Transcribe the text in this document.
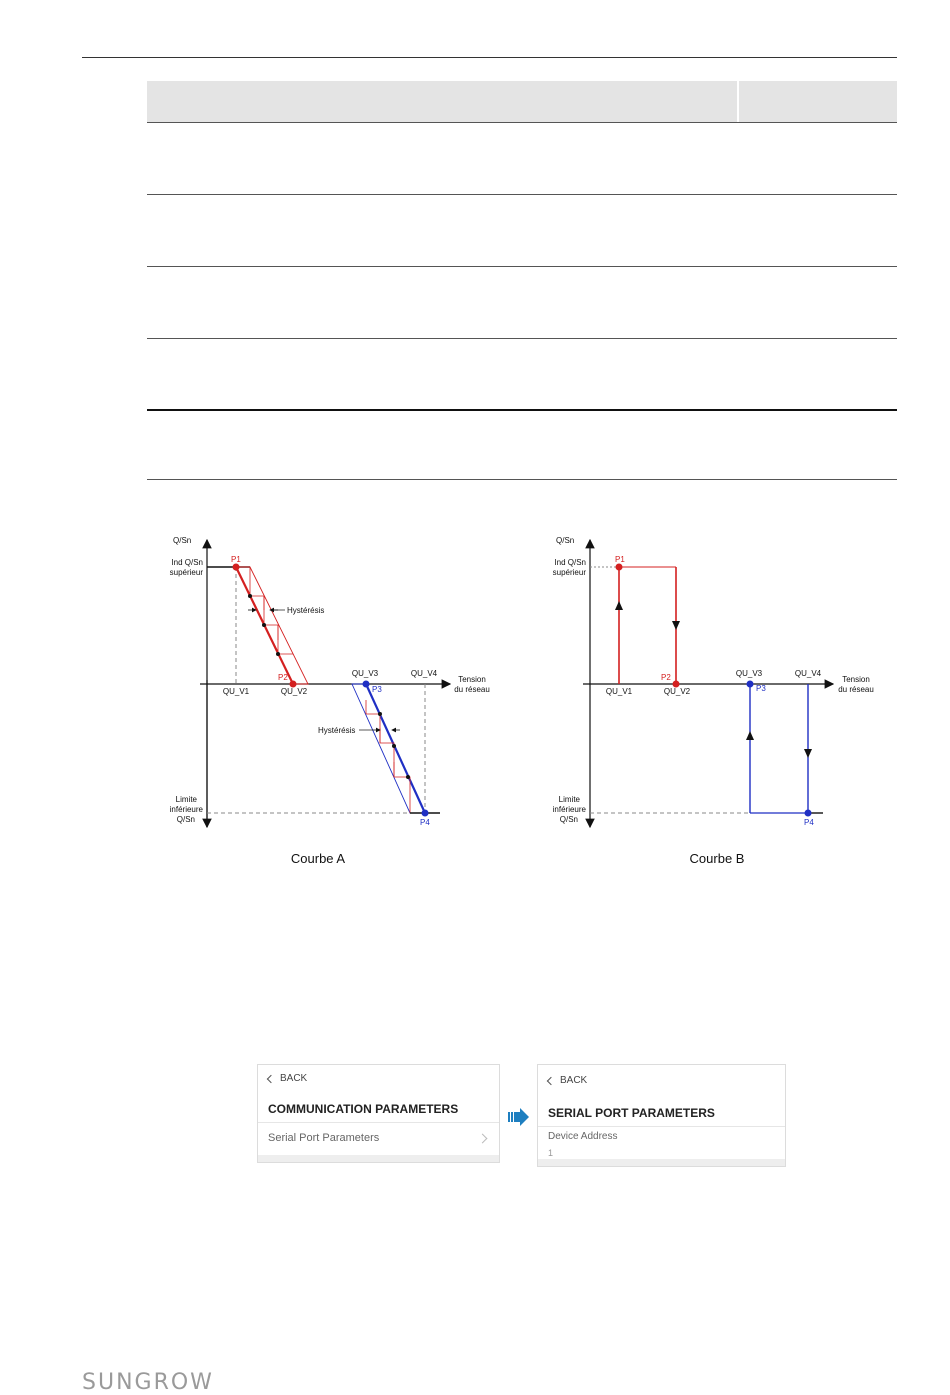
Q/Sn
Ind Q/Sn
supérieur
Limite
inférieure
Q/Sn
Tension
du réseau
P1
P2
P3
P4
QU_V1	QU_V2
QU_V3	QU_V4
Hystérésis
Hystérésis
Courbe A
Q/Sn
Ind Q/Sn
supérieur
Limite
inférieure
Q/Sn
Tension
du réseau
P1
P2
P3
P4
QU_V1	QU_V2
QU_V3	QU_V4
Courbe B
BACK
COMMUNICATION PARAMETERS
Serial Port Parameters
BACK
SERIAL PORT PARAMETERS
Device Address
1
SUNGROW
